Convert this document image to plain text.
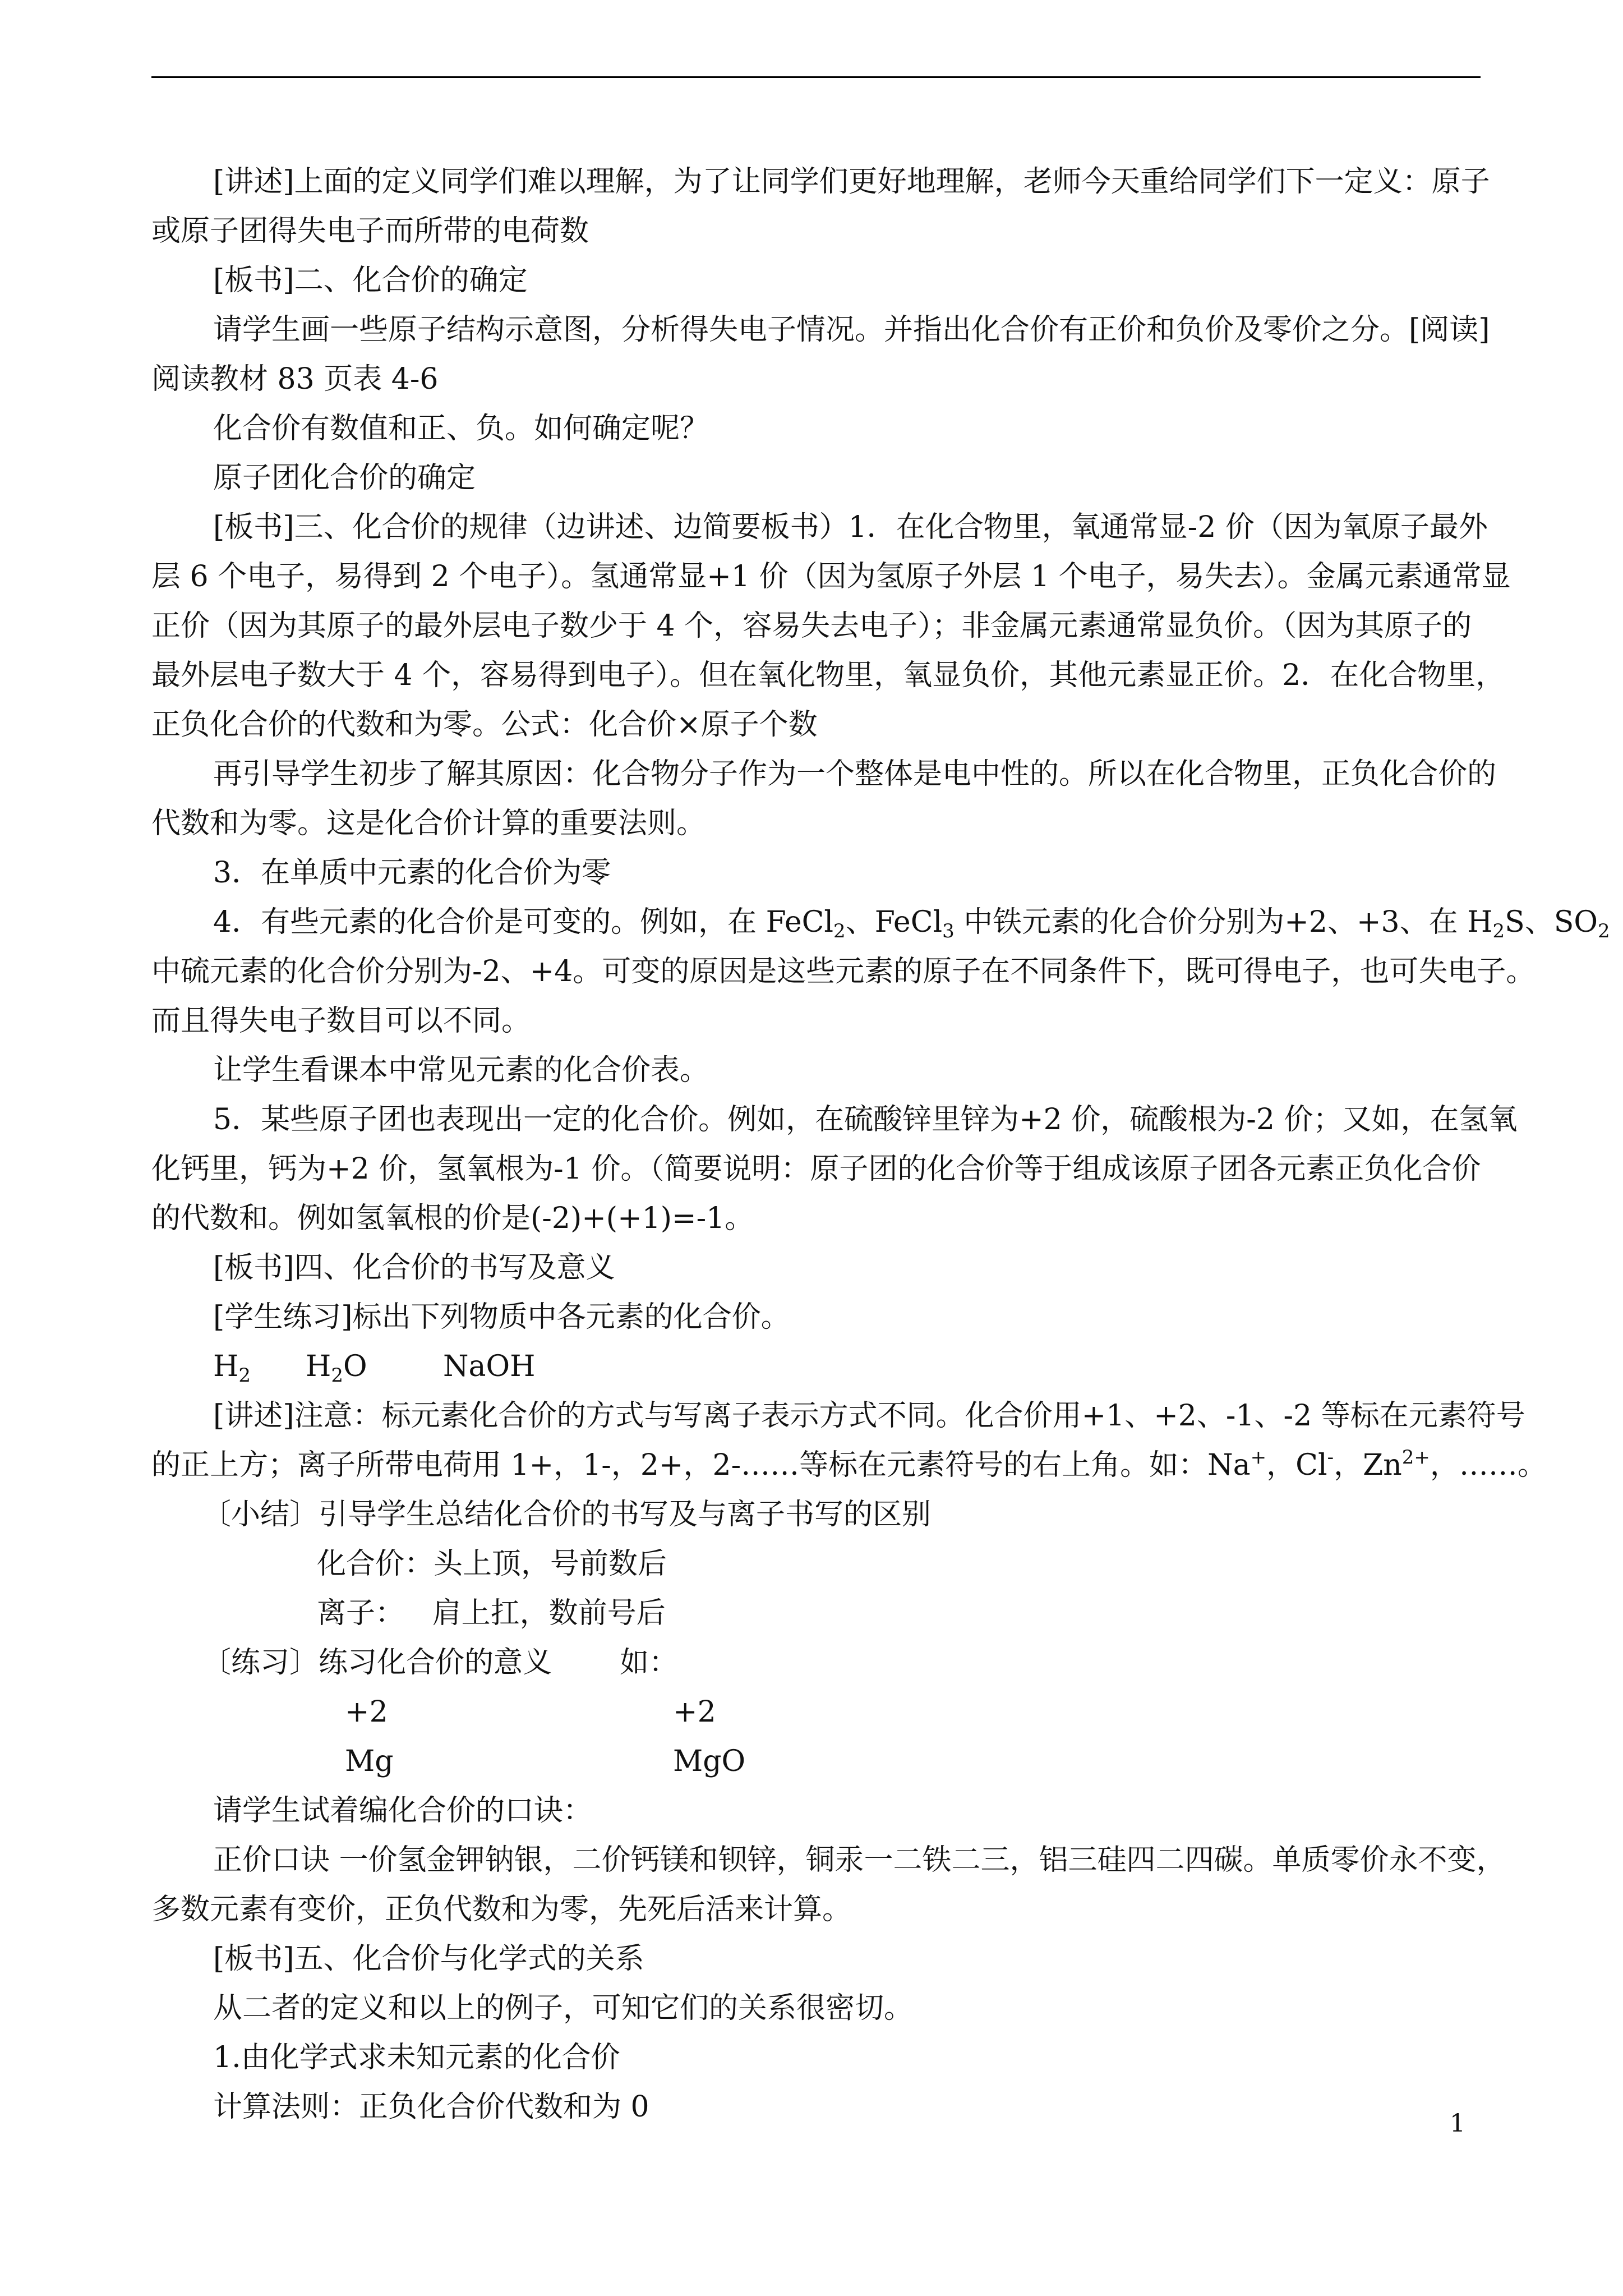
[讲述]上面的定义同学们难以理解，为了让同学们更好地理解，老师今天重给同学们下一定义：原子
或原子团得失电子而所带的电荷数
[板书]二、化合价的确定
请学生画一些原子结构示意图，分析得失电子情况。并指出化合价有正价和负价及零价之分。[阅读]
阅读教材 83 页表 4-6
化合价有数值和正、负。如何确定呢？
原子团化合价的确定
[板书]三、化合价的规律（边讲述、边简要板书）1．在化合物里，氧通常显-2 价（因为氧原子最外
层 6 个电子，易得到 2 个电子）。氢通常显+1 价（因为氢原子外层 1 个电子，易失去）。金属元素通常显
正价（因为其原子的最外层电子数少于 4 个，容易失去电子）；非金属元素通常显负价。（因为其原子的
最外层电子数大于 4 个，容易得到电子）。但在氧化物里，氧显负价，其他元素显正价。2．在化合物里，
正负化合价的代数和为零。公式：化合价×原子个数
再引导学生初步了解其原因：化合物分子作为一个整体是电中性的。所以在化合物里，正负化合价的
代数和为零。这是化合价计算的重要法则。
3．在单质中元素的化合价为零
4．有些元素的化合价是可变的。例如，在 FeCl$_2$、FeCl$_3$ 中铁元素的化合价分别为+2、+3、在 $H_2S$、$SO_2$
中硫元素的化合价分别为-2、+4。可变的原因是这些元素的原子在不同条件下，既可得电子，也可失电子。
而且得失电子数目可以不同。
让学生看课本中常见元素的化合价表。
5．某些原子团也表现出一定的化合价。例如，在硫酸锌里锌为+2 价，硫酸根为-2 价；又如，在氢氧
化钙里，钙为+2 价，氢氧根为-1 价。（简要说明：原子团的化合价等于组成该原子团各元素正负化合价
的代数和。例如氢氧根的价是(-2)+(+1)=-1。
[板书]四、化合价的书写及意义
[学生练习]标出下列物质中各元素的化合价。
$H_2$ $H_2O$	NaOH
[讲述]注意：标元素化合价的方式与写离子表示方式不同。化合价用+1、+2、-1、-2 等标在元素符号
的正上方；离子所带电荷用 1+，1-，2+，2-……等标在元素符号的右上角。如：Na+，Cl-，$Zn^{2+}$，……。
〔小结〕引导学生总结化合价的书写及与离子书写的区别
化合价：头上顶，号前数后
离子：   肩上扛，数前号后
〔练习〕练习化合价的意义	如：
+2	+2
Mg	MgO
请学生试着编化合价的口诀：
正价口诀 一价氢金钾钠银，二价钙镁和钡锌，铜汞一二铁二三，铝三硅四二四碳。单质零价永不变，
多数元素有变价，正负代数和为零，先死后活来计算。
[板书]五、化合价与化学式的关系
从二者的定义和以上的例子，可知它们的关系很密切。
1.由化学式求未知元素的化合价
计算法则：正负化合价代数和为 0	1
